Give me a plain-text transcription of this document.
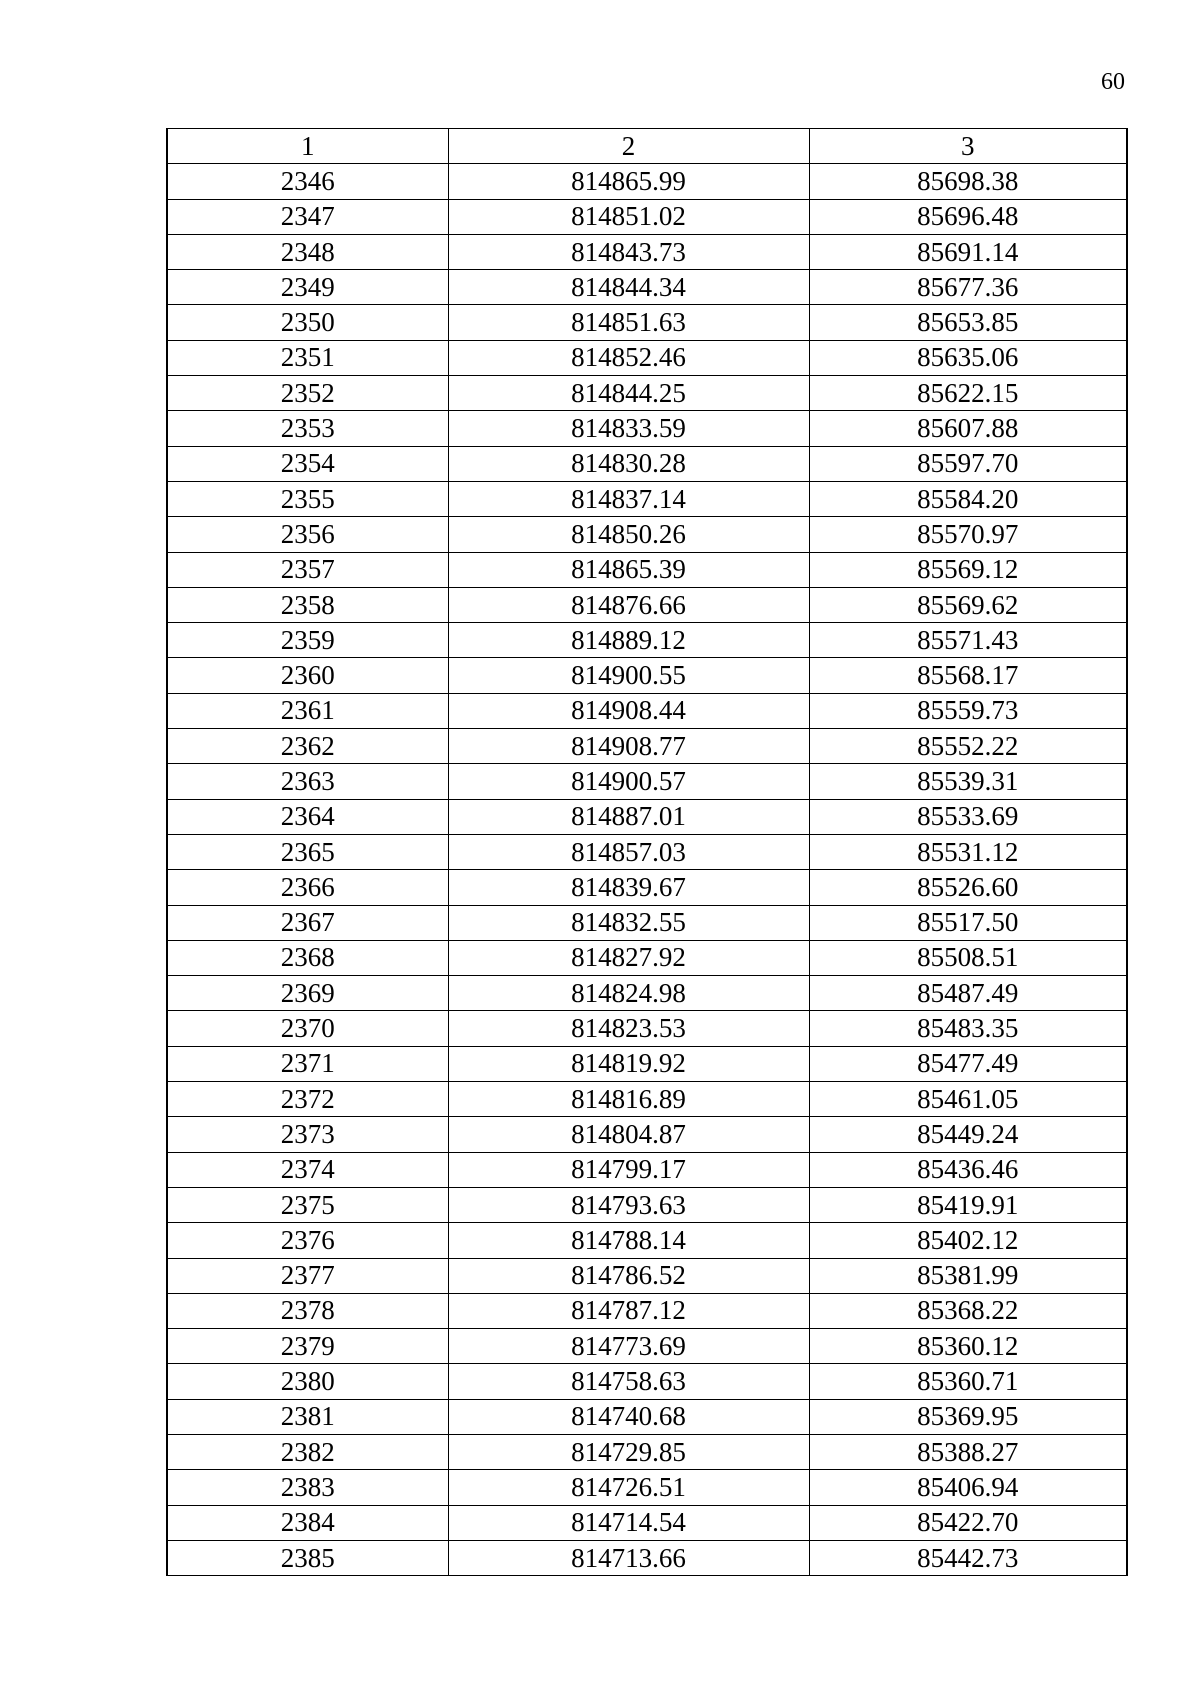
60
1	2	3
2346	814865.99	85698.38
2347	814851.02	85696.48
2348	814843.73	85691.14
2349	814844.34	85677.36
2350	814851.63	85653.85
2351	814852.46	85635.06
2352	814844.25	85622.15
2353	814833.59	85607.88
2354	814830.28	85597.70
2355	814837.14	85584.20
2356	814850.26	85570.97
2357	814865.39	85569.12
2358	814876.66	85569.62
2359	814889.12	85571.43
2360	814900.55	85568.17
2361	814908.44	85559.73
2362	814908.77	85552.22
2363	814900.57	85539.31
2364	814887.01	85533.69
2365	814857.03	85531.12
2366	814839.67	85526.60
2367	814832.55	85517.50
2368	814827.92	85508.51
2369	814824.98	85487.49
2370	814823.53	85483.35
2371	814819.92	85477.49
2372	814816.89	85461.05
2373	814804.87	85449.24
2374	814799.17	85436.46
2375	814793.63	85419.91
2376	814788.14	85402.12
2377	814786.52	85381.99
2378	814787.12	85368.22
2379	814773.69	85360.12
2380	814758.63	85360.71
2381	814740.68	85369.95
2382	814729.85	85388.27
2383	814726.51	85406.94
2384	814714.54	85422.70
2385	814713.66	85442.73
